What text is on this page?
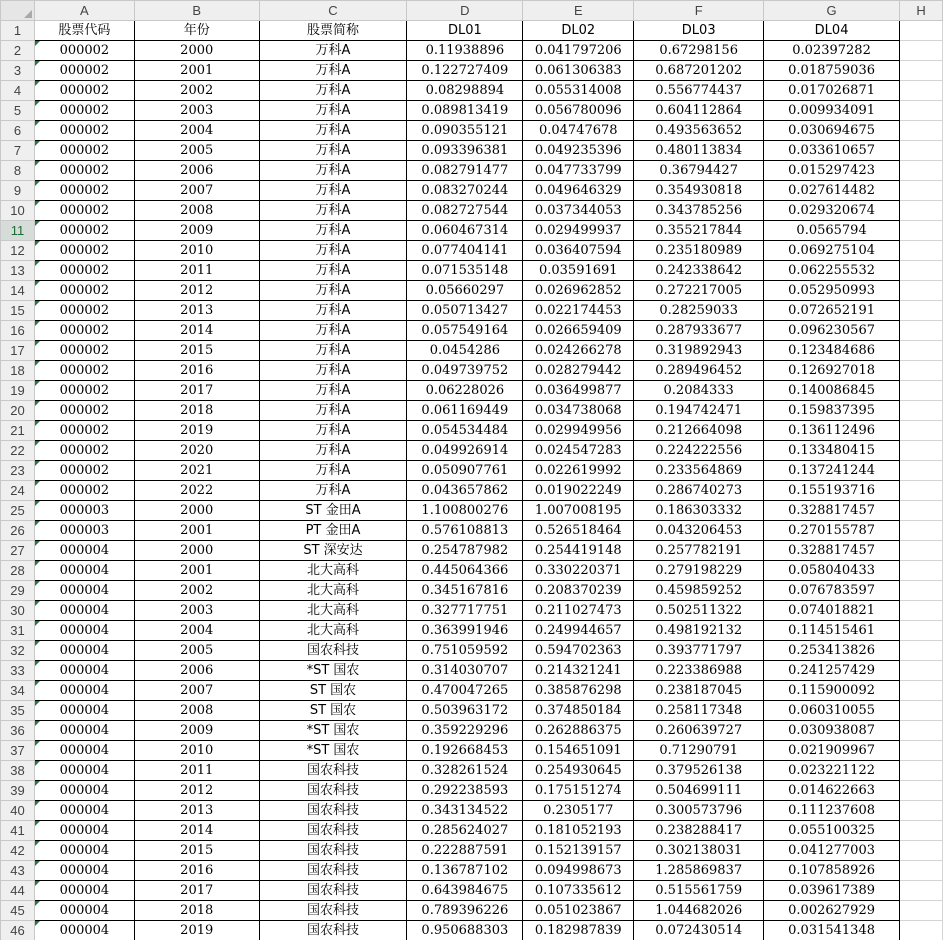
	A	B	C	D	E	F	G	H
1	股票代码	年份	股票简称	DL01	DL02	DL03	DL04	
2	000002	2000	万科A	0.11938896	0.041797206	0.67298156	0.02397282	
3	000002	2001	万科A	0.122727409	0.061306383	0.687201202	0.018759036	
4	000002	2002	万科A	0.08298894	0.055314008	0.556774437	0.017026871	
5	000002	2003	万科A	0.089813419	0.056780096	0.604112864	0.009934091	
6	000002	2004	万科A	0.090355121	0.04747678	0.493563652	0.030694675	
7	000002	2005	万科A	0.093396381	0.049235396	0.480113834	0.033610657	
8	000002	2006	万科A	0.082791477	0.047733799	0.36794427	0.015297423	
9	000002	2007	万科A	0.083270244	0.049646329	0.354930818	0.027614482	
10	000002	2008	万科A	0.082727544	0.037344053	0.343785256	0.029320674	
11	000002	2009	万科A	0.060467314	0.029499937	0.355217844	0.0565794	
12	000002	2010	万科A	0.077404141	0.036407594	0.235180989	0.069275104	
13	000002	2011	万科A	0.071535148	0.03591691	0.242338642	0.062255532	
14	000002	2012	万科A	0.05660297	0.026962852	0.272217005	0.052950993	
15	000002	2013	万科A	0.050713427	0.022174453	0.28259033	0.072652191	
16	000002	2014	万科A	0.057549164	0.026659409	0.287933677	0.096230567	
17	000002	2015	万科A	0.0454286	0.024266278	0.319892943	0.123484686	
18	000002	2016	万科A	0.049739752	0.028279442	0.289496452	0.126927018	
19	000002	2017	万科A	0.06228026	0.036499877	0.2084333	0.140086845	
20	000002	2018	万科A	0.061169449	0.034738068	0.194742471	0.159837395	
21	000002	2019	万科A	0.054534484	0.029949956	0.212664098	0.136112496	
22	000002	2020	万科A	0.049926914	0.024547283	0.224222556	0.133480415	
23	000002	2021	万科A	0.050907761	0.022619992	0.233564869	0.137241244	
24	000002	2022	万科A	0.043657862	0.019022249	0.286740273	0.155193716	
25	000003	2000	ST 金田A	1.100800276	1.007008195	0.186303332	0.328817457	
26	000003	2001	PT 金田A	0.576108813	0.526518464	0.043206453	0.270155787	
27	000004	2000	ST 深安达	0.254787982	0.254419148	0.257782191	0.328817457	
28	000004	2001	北大高科	0.445064366	0.330220371	0.279198229	0.058040433	
29	000004	2002	北大高科	0.345167816	0.208370239	0.459859252	0.076783597	
30	000004	2003	北大高科	0.327717751	0.211027473	0.502511322	0.074018821	
31	000004	2004	北大高科	0.363991946	0.249944657	0.498192132	0.114515461	
32	000004	2005	国农科技	0.751059592	0.594702363	0.393771797	0.253413826	
33	000004	2006	*ST 国农	0.314030707	0.214321241	0.223386988	0.241257429	
34	000004	2007	ST 国农	0.470047265	0.385876298	0.238187045	0.115900092	
35	000004	2008	ST 国农	0.503963172	0.374850184	0.258117348	0.060310055	
36	000004	2009	*ST 国农	0.359229296	0.262886375	0.260639727	0.030938087	
37	000004	2010	*ST 国农	0.192668453	0.154651091	0.71290791	0.021909967	
38	000004	2011	国农科技	0.328261524	0.254930645	0.379526138	0.023221122	
39	000004	2012	国农科技	0.292238593	0.175151274	0.504699111	0.014622663	
40	000004	2013	国农科技	0.343134522	0.2305177	0.300573796	0.111237608	
41	000004	2014	国农科技	0.285624027	0.181052193	0.238288417	0.055100325	
42	000004	2015	国农科技	0.222887591	0.152139157	0.302138031	0.041277003	
43	000004	2016	国农科技	0.136787102	0.094998673	1.285869837	0.107858926	
44	000004	2017	国农科技	0.643984675	0.107335612	0.515561759	0.039617389	
45	000004	2018	国农科技	0.789396226	0.051023867	1.044682026	0.002627929	
46	000004	2019	国农科技	0.950688303	0.182987839	0.072430514	0.031541348	
